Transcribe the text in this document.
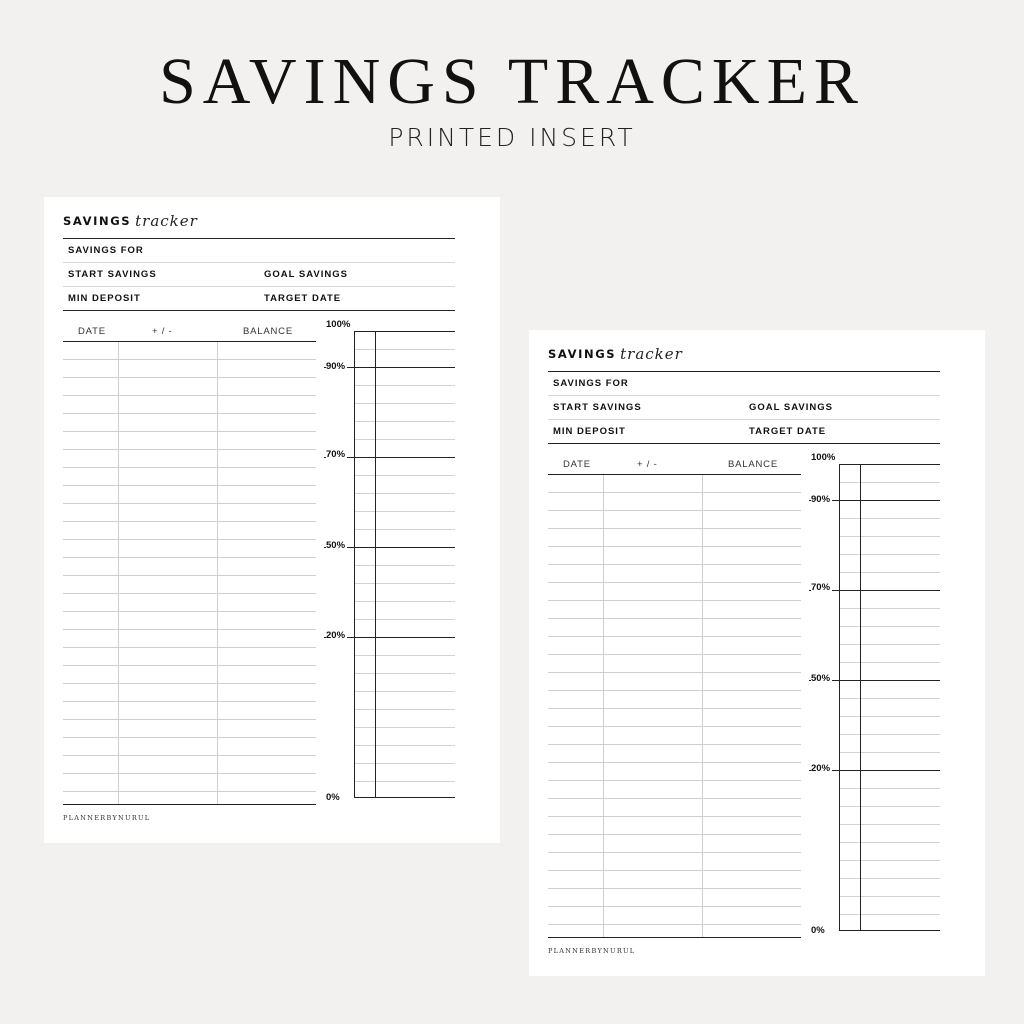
SAVINGS TRACKER
PRINTED INSERT
SAVINGS tracker
SAVINGS FOR
START SAVINGS	GOAL SAVINGS
MIN DEPOSIT	TARGET DATE
DATE	+ / -	BALANCE
100%
90%
70%
50%
20%
0%
PLANNERBYNURUL
SAVINGS tracker
SAVINGS FOR
START SAVINGS	GOAL SAVINGS
MIN DEPOSIT	TARGET DATE
DATE	+ / -	BALANCE
100%
90%
70%
50%
20%
0%
PLANNERBYNURUL
